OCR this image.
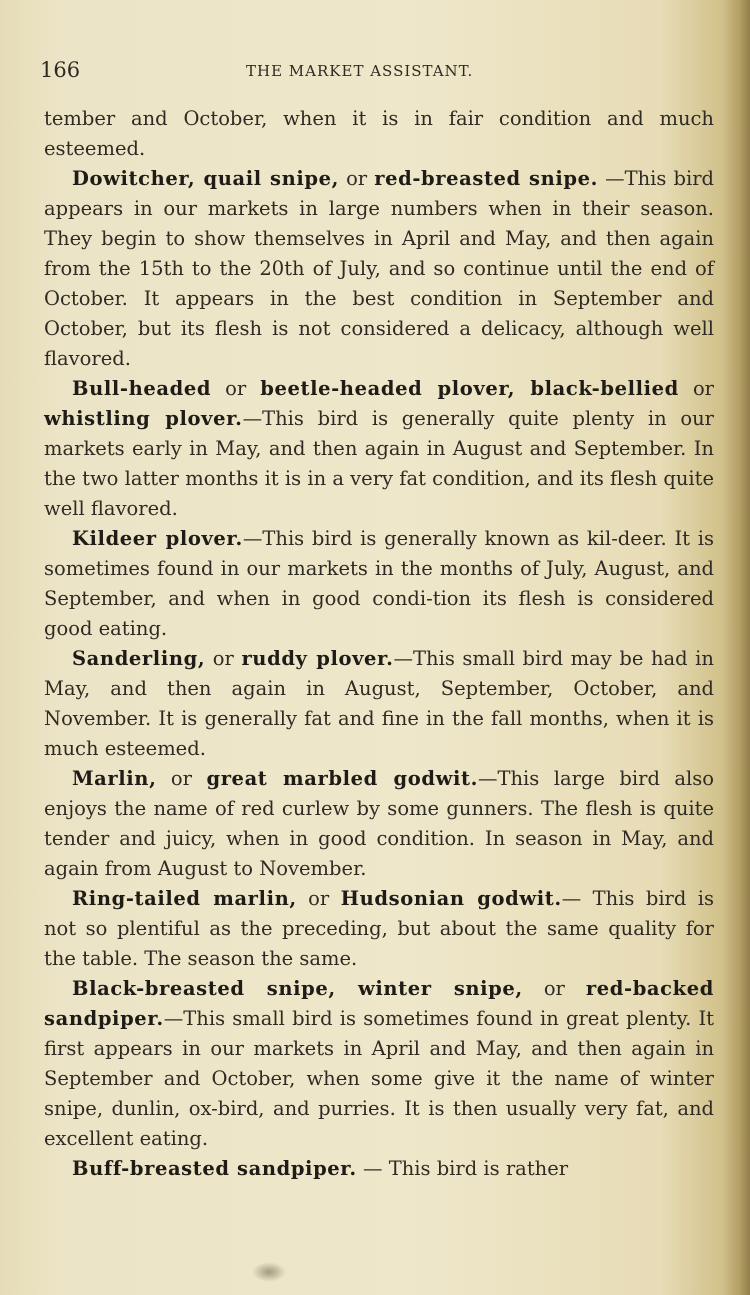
166	THE MARKET ASSISTANT.

tember and October, when it is in fair condition and much esteemed.

Dowitcher, quail snipe, or red-breasted snipe. —This bird appears in our markets in large numbers when in their season. They begin to show themselves in April and May, and then again from the 15th to the 20th of July, and so continue until the end of October. It appears in the best condition in September and October, but its flesh is not considered a delicacy, although well flavored.

Bull-headed or beetle-headed plover, black-bellied or whistling plover.—This bird is generally quite plenty in our markets early in May, and then again in August and September. In the two latter months it is in a very fat condition, and its flesh quite well flavored.

Kildeer plover.—This bird is generally known as kil-deer. It is sometimes found in our markets in the months of July, August, and September, and when in good condi-tion its flesh is considered good eating.

Sanderling, or ruddy plover.—This small bird may be had in May, and then again in August, September, October, and November. It is generally fat and fine in the fall months, when it is much esteemed.

Marlin, or great marbled godwit.—This large bird also enjoys the name of red curlew by some gunners. The flesh is quite tender and juicy, when in good condition. In season in May, and again from August to November.

Ring-tailed marlin, or Hudsonian godwit.— This bird is not so plentiful as the preceding, but about the same quality for the table. The season the same.

Black-breasted snipe, winter snipe, or red-backed sandpiper.—This small bird is sometimes found in great plenty. It first appears in our markets in April and May, and then again in September and October, when some give it the name of winter snipe, dunlin, ox-bird, and purries. It is then usually very fat, and excellent eating.

Buff-breasted sandpiper. — This bird is rather
